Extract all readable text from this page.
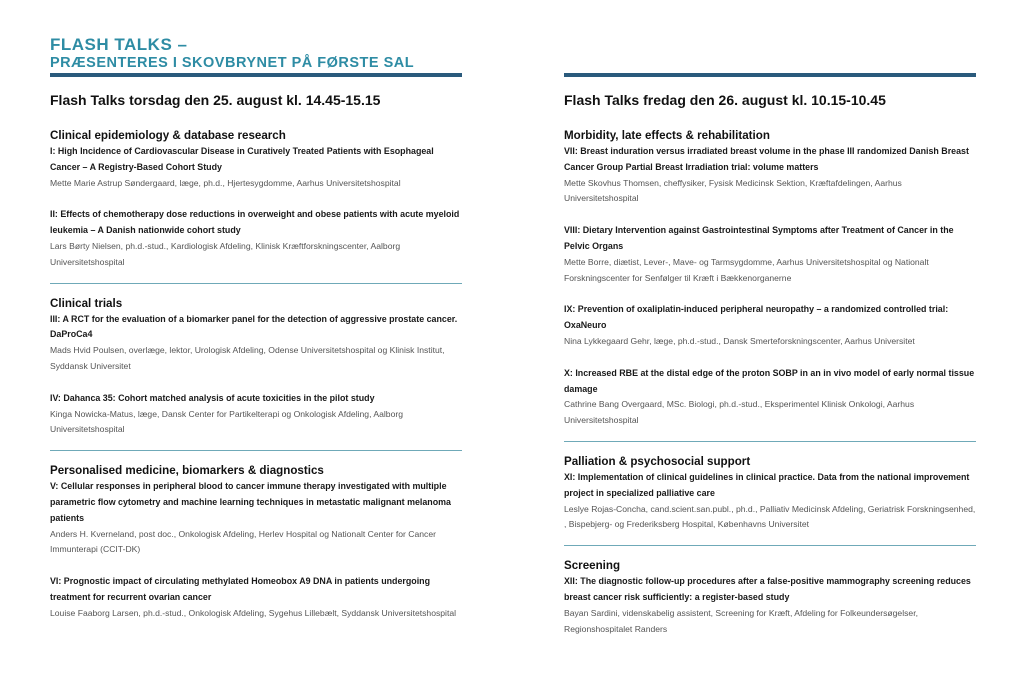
FLASH TALKS –
PRÆSENTERES I SKOVBRYNET PÅ FØRSTE SAL
Flash Talks torsdag den 25. august kl. 14.45-15.15
Clinical epidemiology & database research
I: High Incidence of Cardiovascular Disease in Curatively Treated Patients with Esophageal Cancer – A Registry-Based Cohort Study
Mette Marie Astrup Søndergaard, læge, ph.d., Hjertesygdomme, Aarhus Universitetshospital
II: Effects of chemotherapy dose reductions in overweight and obese patients with acute myeloid leukemia – A Danish nationwide cohort study
Lars Børty Nielsen, ph.d.-stud., Kardiologisk Afdeling, Klinisk Kræftforskningscenter, Aalborg Universitetshospital
Clinical trials
III: A RCT for the evaluation of a biomarker panel for the detection of aggressive prostate cancer. DaProCa4
Mads Hvid Poulsen, overlæge, lektor, Urologisk Afdeling, Odense Universitetshospital og Klinisk Institut, Syddansk Universitet
IV: Dahanca 35: Cohort matched analysis of acute toxicities in the pilot study
Kinga Nowicka-Matus, læge, Dansk Center for Partikelterapi og Onkologisk Afdeling, Aalborg Universitetshospital
Personalised medicine, biomarkers & diagnostics
V: Cellular responses in peripheral blood to cancer immune therapy investigated with multiple parametric flow cytometry and machine learning techniques in metastatic malignant melanoma patients
Anders H. Kverneland, post doc., Onkologisk Afdeling, Herlev Hospital og Nationalt Center for Cancer Immunterapi (CCIT-DK)
VI: Prognostic impact of circulating methylated Homeobox A9 DNA in patients undergoing treatment for recurrent ovarian cancer
Louise Faaborg Larsen, ph.d.-stud., Onkologisk Afdeling, Sygehus Lillebælt, Syddansk Universitetshospital
Flash Talks fredag den 26. august kl. 10.15-10.45
Morbidity, late effects & rehabilitation
VII: Breast induration versus irradiated breast volume in the phase III randomized Danish Breast Cancer Group Partial Breast Irradiation trial: volume matters
Mette Skovhus Thomsen, cheffysiker, Fysisk Medicinsk Sektion, Kræftafdelingen, Aarhus Universitetshospital
VIII: Dietary Intervention against Gastrointestinal Symptoms after Treatment of Cancer in the Pelvic Organs
Mette Borre, diætist, Lever-, Mave- og Tarmsygdomme, Aarhus Universitetshospital og Nationalt Forskningscenter for Senfølger til Kræft i Bækkenorganerne
IX: Prevention of oxaliplatin-induced peripheral neuropathy – a randomized controlled trial: OxaNeuro
Nina Lykkegaard Gehr, læge, ph.d.-stud., Dansk Smerteforskningscenter, Aarhus Universitet
X: Increased RBE at the distal edge of the proton SOBP in an in vivo model of early normal tissue damage
Cathrine Bang Overgaard, MSc. Biologi, ph.d.-stud., Eksperimentel Klinisk Onkologi, Aarhus Universitetshospital
Palliation & psychosocial support
XI: Implementation of clinical guidelines in clinical practice. Data from the national improvement project in specialized palliative care
Leslye Rojas-Concha, cand.scient.san.publ., ph.d., Palliativ Medicinsk Afdeling, Geriatrisk Forskningsenhed, , Bispebjerg- og Frederiksberg Hospital, Københavns Universitet
Screening
XII: The diagnostic follow-up procedures after a false-positive mammography screening reduces breast cancer risk sufficiently: a register-based study
Bayan Sardini, videnskabelig assistent, Screening for Kræft, Afdeling for Folkeundersøgelser, Regionshospitalet Randers
